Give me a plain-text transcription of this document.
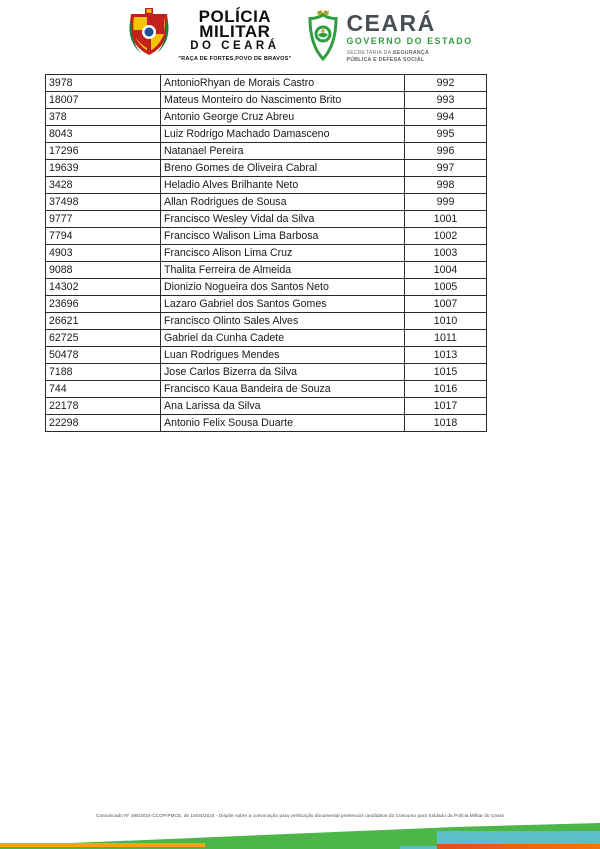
POLÍCIA
MILITAR
DO CEARÁ
"RAÇA DE FORTES,POVO DE BRAVOS"
CEARÁ
GOVERNO DO ESTADO
SECRETARIA DA SEGURANÇA
PÚBLICA E DEFESA SOCIAL
3978	AntonioRhyan de Morais Castro	992
18007	Mateus Monteiro do Nascimento Brito	993
378	Antonio George Cruz Abreu	994
8043	Luiz Rodrigo Machado Damasceno	995
17296	Natanael Pereira	996
19639	Breno Gomes de Oliveira Cabral	997
3428	Heladio Alves Brilhante Neto	998
37498	Allan Rodrigues de Sousa	999
9777	Francisco Wesley Vidal da Silva	1001
7794	Francisco Walison Lima Barbosa	1002
4903	Francisco Alison Lima Cruz	1003
9088	Thalita Ferreira de Almeida	1004
14302	Dionizio Nogueira dos Santos Neto	1005
23696	Lazaro Gabriel dos Santos Gomes	1007
26621	Francisco Olinto Sales Alves	1010
62725	Gabriel da Cunha Cadete	1011
50478	Luan Rodrigues Mendes	1013
7188	Jose Carlos Bizerra da Silva	1015
744	Francisco Kaua Bandeira de Souza	1016
22178	Ana Larissa da Silva	1017
22298	Antonio Felix Sousa Duarte	1018
Comunicado Nº 496/2024-CCOP/PMCE, de 15/04/2024 - Dispõe sobre a convocação para verificação documental presencial candidatos do Concurso para Soldado da Polícia Militar do Ceará
